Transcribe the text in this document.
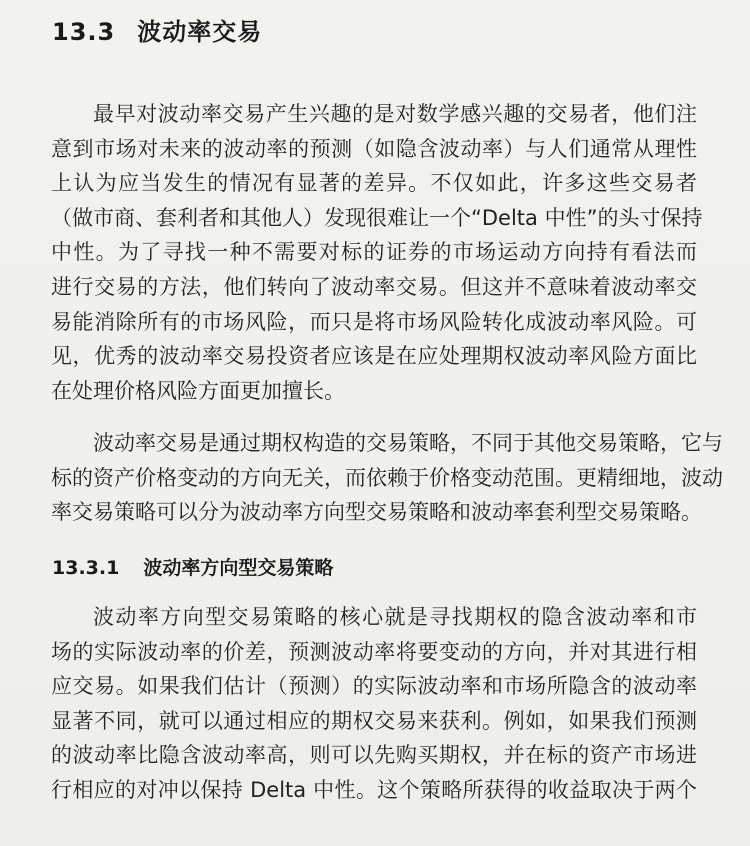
13.3 波动率交易
最早对波动率交易产生兴趣的是对数学感兴趣的交易者，他们注
意到市场对未来的波动率的预测（如隐含波动率）与人们通常从理性
上认为应当发生的情况有显著的差异。不仅如此，许多这些交易者
（做市商、套利者和其他人）发现很难让一个“Delta 中性”的头寸保持
中性。为了寻找一种不需要对标的证券的市场运动方向持有看法而
进行交易的方法，他们转向了波动率交易。但这并不意味着波动率交
易能消除所有的市场风险，而只是将市场风险转化成波动率风险。可
见，优秀的波动率交易投资者应该是在应处理期权波动率风险方面比
在处理价格风险方面更加擅长。
波动率交易是通过期权构造的交易策略，不同于其他交易策略，它与
标的资产价格变动的方向无关，而依赖于价格变动范围。更精细地，波动
率交易策略可以分为波动率方向型交易策略和波动率套利型交易策略。
13.3.1 波动率方向型交易策略
波动率方向型交易策略的核心就是寻找期权的隐含波动率和市
场的实际波动率的价差，预测波动率将要变动的方向，并对其进行相
应交易。如果我们估计（预测）的实际波动率和市场所隐含的波动率
显著不同，就可以通过相应的期权交易来获利。例如，如果我们预测
的波动率比隐含波动率高，则可以先购买期权，并在标的资产市场进
行相应的对冲以保持 Delta 中性。这个策略所获得的收益取决于两个
